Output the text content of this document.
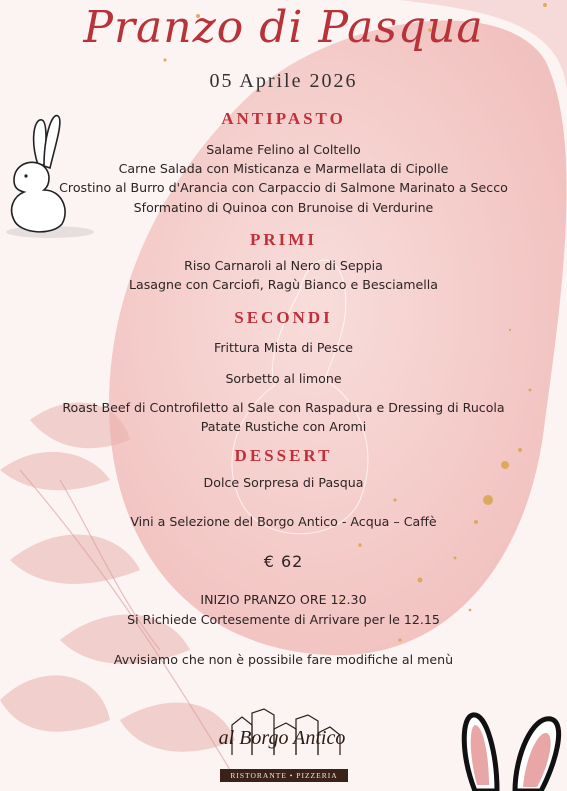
Pranzo di Pasqua
05 Aprile 2026
ANTIPASTO
Salame Felino al Coltello
Carne Salada con Misticanza e Marmellata di Cipolle
Crostino al Burro d'Arancia con Carpaccio di Salmone Marinato a Secco
Sformatino di Quinoa con Brunoise di Verdurine
PRIMI
Riso Carnaroli al Nero di Seppia
Lasagne con Carciofi, Ragù Bianco e Besciamella
SECONDI
Frittura Mista di Pesce
Sorbetto al limone
Roast Beef di Controfiletto al Sale con Raspadura e Dressing di Rucola
Patate Rustiche con Aromi
DESSERT
Dolce Sorpresa di Pasqua
Vini a Selezione del Borgo Antico - Acqua – Caffè
€ 62
INIZIO PRANZO ORE 12.30
Si Richiede Cortesemente di Arrivare per le 12.15
Avvisiamo che non è possibile fare modifiche al menù
al Borgo Antico
RISTORANTE • PIZZERIA
